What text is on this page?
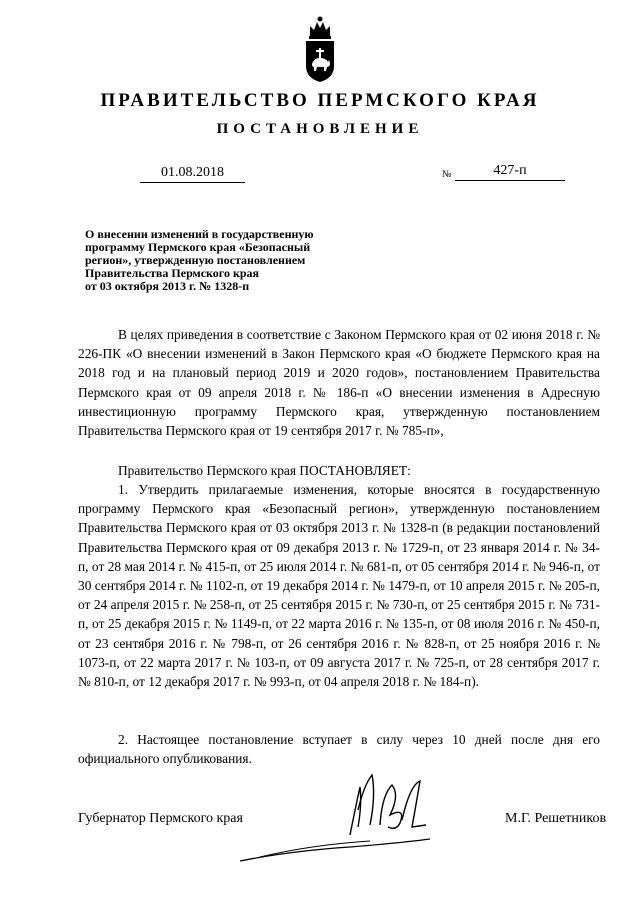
ПРАВИТЕЛЬСТВО ПЕРМСКОГО КРАЯ
ПОСТАНОВЛЕНИЕ
01.08.2018	№	427-п
О внесении изменений в государственную
программу Пермского края «Безопасный
регион», утвержденную постановлением
Правительства Пермского края
от 03 октября 2013 г. № 1328-п
В целях приведения в соответствие с Законом Пермского края от 02 июня 2018 г. № 226-ПК «О внесении изменений в Закон Пермского края «О бюджете Пермского края на 2018 год и на плановый период 2019 и 2020 годов», постановлением Правительства Пермского края от 09 апреля 2018 г. № 186-п «О внесении изменения в Адресную инвестиционную программу Пермского края, утвержденную постановлением Правительства Пермского края от 19 сентября 2017 г. № 785-п»,
Правительство Пермского края ПОСТАНОВЛЯЕТ:
1. Утвердить прилагаемые изменения, которые вносятся в государственную программу Пермского края «Безопасный регион», утвержденную постановлением Правительства Пермского края от 03 октября 2013 г. № 1328-п (в редакции постановлений Правительства Пермского края от 09 декабря 2013 г. № 1729-п, от 23 января 2014 г. № 34-п, от 28 мая 2014 г. № 415-п, от 25 июля 2014 г. № 681-п, от 05 сентября 2014 г. № 946-п, от 30 сентября 2014 г. № 1102-п, от 19 декабря 2014 г. № 1479-п, от 10 апреля 2015 г. № 205-п, от 24 апреля 2015 г. № 258-п, от 25 сентября 2015 г. № 730-п, от 25 сентября 2015 г. № 731-п, от 25 декабря 2015 г. № 1149-п, от 22 марта 2016 г. № 135-п, от 08 июля 2016 г. № 450-п, от 23 сентября 2016 г. № 798-п, от 26 сентября 2016 г. № 828-п, от 25 ноября 2016 г. № 1073-п, от 22 марта 2017 г. № 103-п, от 09 августа 2017 г. № 725-п, от 28 сентября 2017 г. № 810-п, от 12 декабря 2017 г. № 993-п, от 04 апреля 2018 г. № 184-п).
2. Настоящее постановление вступает в силу через 10 дней после дня его официального опубликования.
Губернатор Пермского края	М.Г. Решетников
